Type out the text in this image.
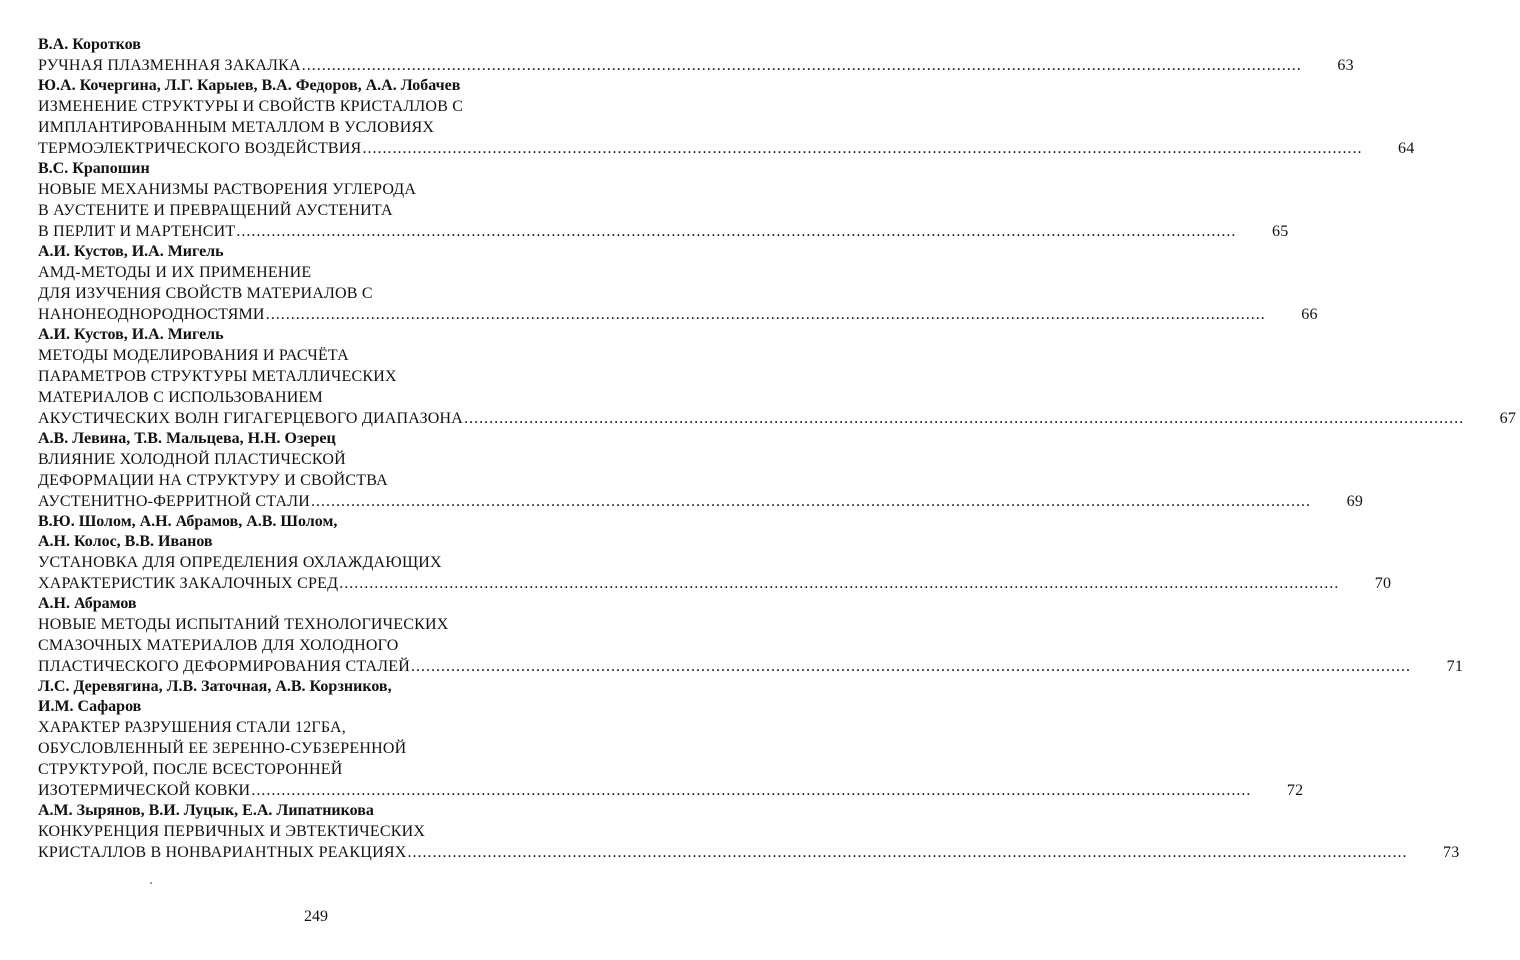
В.А. Коротков
РУЧНАЯ ПЛАЗМЕННАЯ ЗАКАЛКА ........................................................................................................................................................................................................	63
Ю.А. Кочергина, Л.Г. Карыев, В.А. Федоров, А.А. Лобачев
ИЗМЕНЕНИЕ СТРУКТУРЫ И СВОЙСТВ КРИСТАЛЛОВ С
ИМПЛАНТИРОВАННЫМ МЕТАЛЛОМ В УСЛОВИЯХ
ТЕРМОЭЛЕКТРИЧЕСКОГО ВОЗДЕЙСТВИЯ ........................................................................................................................................................................................................	64
В.С. Крапошин
НОВЫЕ МЕХАНИЗМЫ РАСТВОРЕНИЯ УГЛЕРОДА
В АУСТЕНИТЕ И ПРЕВРАЩЕНИЙ АУСТЕНИТА
В ПЕРЛИТ И МАРТЕНСИТ ........................................................................................................................................................................................................	65
А.И. Кустов, И.А. Мигель
АМД-МЕТОДЫ И ИХ ПРИМЕНЕНИЕ
ДЛЯ ИЗУЧЕНИЯ СВОЙСТВ МАТЕРИАЛОВ С
НАНОНЕОДНОРОДНОСТЯМИ ........................................................................................................................................................................................................	66
А.И. Кустов, И.А. Мигель
МЕТОДЫ МОДЕЛИРОВАНИЯ И РАСЧЁТА
ПАРАМЕТРОВ СТРУКТУРЫ МЕТАЛЛИЧЕСКИХ
МАТЕРИАЛОВ С ИСПОЛЬЗОВАНИЕМ
АКУСТИЧЕСКИХ ВОЛН ГИГАГЕРЦЕВОГО ДИАПАЗОНА ........................................................................................................................................................................................................	67
А.В. Левина, Т.В. Мальцева, Н.Н. Озерец
ВЛИЯНИЕ ХОЛОДНОЙ ПЛАСТИЧЕСКОЙ
ДЕФОРМАЦИИ НА СТРУКТУРУ И СВОЙСТВА
АУСТЕНИТНО-ФЕРРИТНОЙ СТАЛИ ........................................................................................................................................................................................................	69
В.Ю. Шолом, А.Н. Абрамов, А.В. Шолом,
А.Н. Колос, В.В. Иванов
УСТАНОВКА ДЛЯ ОПРЕДЕЛЕНИЯ ОХЛАЖДАЮЩИХ
ХАРАКТЕРИСТИК ЗАКАЛОЧНЫХ СРЕД ........................................................................................................................................................................................................	70
А.Н. Абрамов
НОВЫЕ МЕТОДЫ ИСПЫТАНИЙ ТЕХНОЛОГИЧЕСКИХ
СМАЗОЧНЫХ МАТЕРИАЛОВ ДЛЯ ХОЛОДНОГО
ПЛАСТИЧЕСКОГО ДЕФОРМИРОВАНИЯ СТАЛЕЙ ........................................................................................................................................................................................................	71
Л.С. Деревягина, Л.В. Заточная, А.В. Корзников,
И.М. Сафаров
ХАРАКТЕР РАЗРУШЕНИЯ СТАЛИ 12ГБА,
ОБУСЛОВЛЕННЫЙ ЕЕ ЗЕРЕННО-СУБЗЕРЕННОЙ
СТРУКТУРОЙ, ПОСЛЕ ВСЕСТОРОННЕЙ
ИЗОТЕРМИЧЕСКОЙ КОВКИ ........................................................................................................................................................................................................	72
А.М. Зырянов, В.И. Луцык, Е.А. Липатникова
КОНКУРЕНЦИЯ ПЕРВИЧНЫХ И ЭВТЕКТИЧЕСКИХ
КРИСТАЛЛОВ В НОНВАРИАНТНЫХ РЕАКЦИЯХ ........................................................................................................................................................................................................	73
249
